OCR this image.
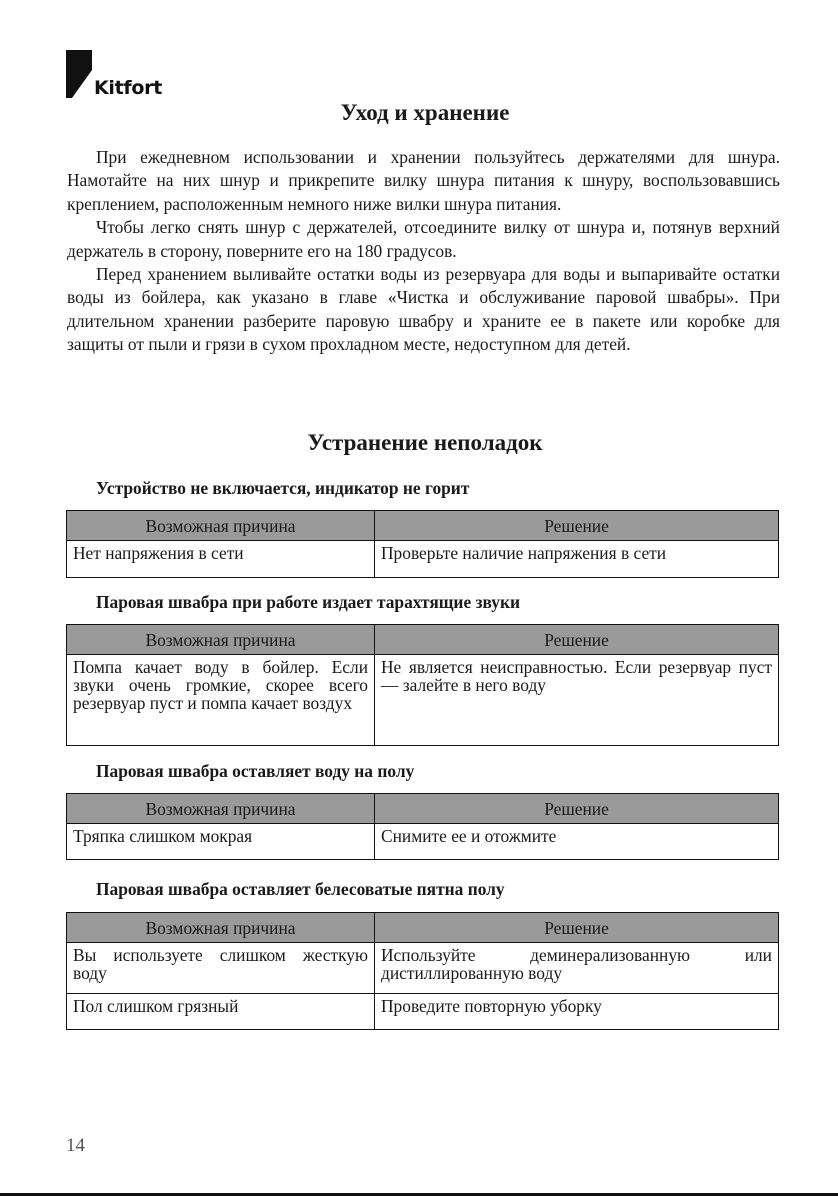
Kitfort
Уход и хранение

При ежедневном использовании и хранении пользуйтесь держателями для шнура. Намотайте на них шнур и прикрепите вилку шнура питания к шнуру, воспользовавшись креплением, расположенным немного ниже вилки шнура питания.

Чтобы легко снять шнур с держателей, отсоедините вилку от шнура и, потянув верхний держатель в сторону, поверните его на 180 градусов.

Перед хранением выливайте остатки воды из резервуара для воды и выпаривайте остатки воды из бойлера, как указано в главе «Чистка и обслуживание паровой швабры». При длительном хранении разберите паровую швабру и храните ее в пакете или коробке для защиты от пыли и грязи в сухом прохладном месте, недоступном для детей.

Устранение неполадок

Устройство не включается, индикатор не горит

Возможная причина	Решение
Нет напряжения в сети	Проверьте наличие напряжения в сети

Паровая швабра при работе издает тарахтящие звуки

Возможная причина	Решение
Помпа качает воду в бойлер. Если звуки очень громкие, скорее всего резервуар пуст и помпа качает воздух	Не является неисправностью. Если резервуар пуст — залейте в него воду

Паровая швабра оставляет воду на полу

Возможная причина	Решение
Тряпка слишком мокрая	Снимите ее и отожмите

Паровая швабра оставляет белесоватые пятна полу

Возможная причина	Решение
Вы используете слишком жесткую воду	Используйте деминерализованную или дистиллированную воду
Пол слишком грязный	Проведите повторную уборку
14
